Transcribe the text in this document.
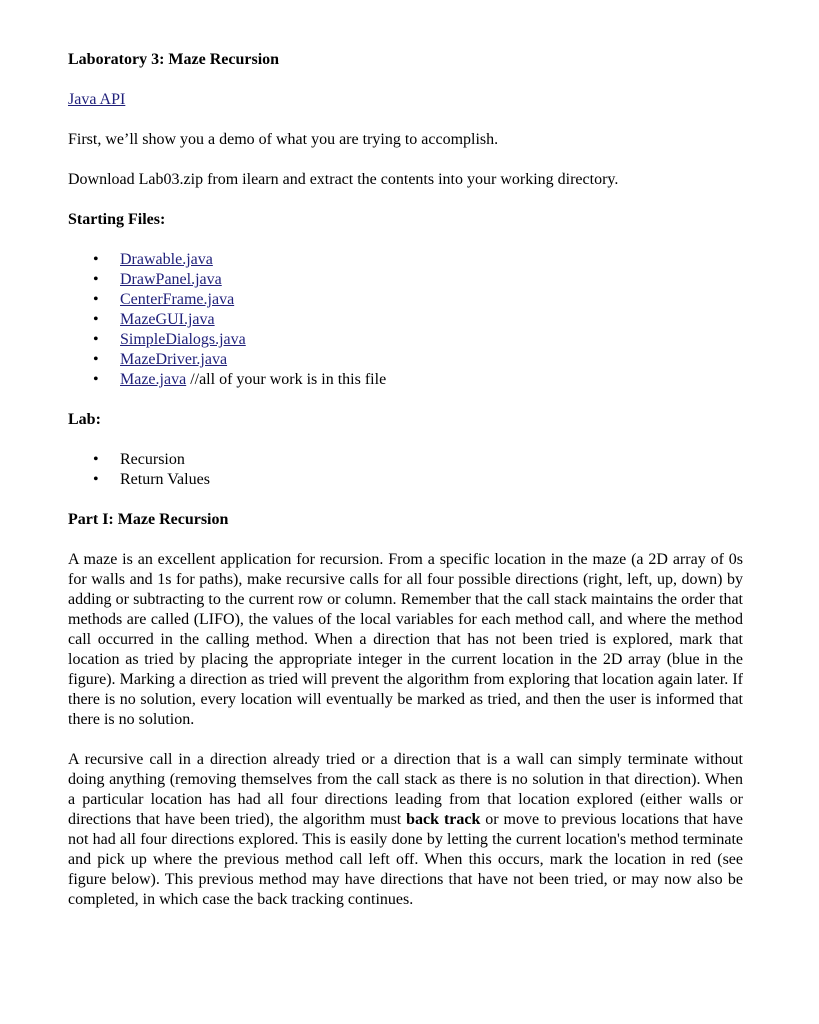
Laboratory 3: Maze Recursion

Java API

First, we’ll show you a demo of what you are trying to accomplish.

Download Lab03.zip from ilearn and extract the contents into your working directory.

Starting Files:

• Drawable.java
• DrawPanel.java
• CenterFrame.java
• MazeGUI.java
• SimpleDialogs.java
• MazeDriver.java
• Maze.java //all of your work is in this file

Lab:

• Recursion
• Return Values

Part I: Maze Recursion

A maze is an excellent application for recursion. From a specific location in the maze (a 2D array of 0s for walls and 1s for paths), make recursive calls for all four possible directions (right, left, up, down) by adding or subtracting to the current row or column. Remember that the call stack maintains the order that methods are called (LIFO), the values of the local variables for each method call, and where the method call occurred in the calling method. When a direction that has not been tried is explored, mark that location as tried by placing the appropriate integer in the current location in the 2D array (blue in the figure). Marking a direction as tried will prevent the algorithm from exploring that location again later. If there is no solution, every location will eventually be marked as tried, and then the user is informed that there is no solution.

A recursive call in a direction already tried or a direction that is a wall can simply terminate without doing anything (removing themselves from the call stack as there is no solution in that direction). When a particular location has had all four directions leading from that location explored (either walls or directions that have been tried), the algorithm must back track or move to previous locations that have not had all four directions explored. This is easily done by letting the current location's method terminate and pick up where the previous method call left off. When this occurs, mark the location in red (see figure below). This previous method may have directions that have not been tried, or may now also be completed, in which case the back tracking continues.
